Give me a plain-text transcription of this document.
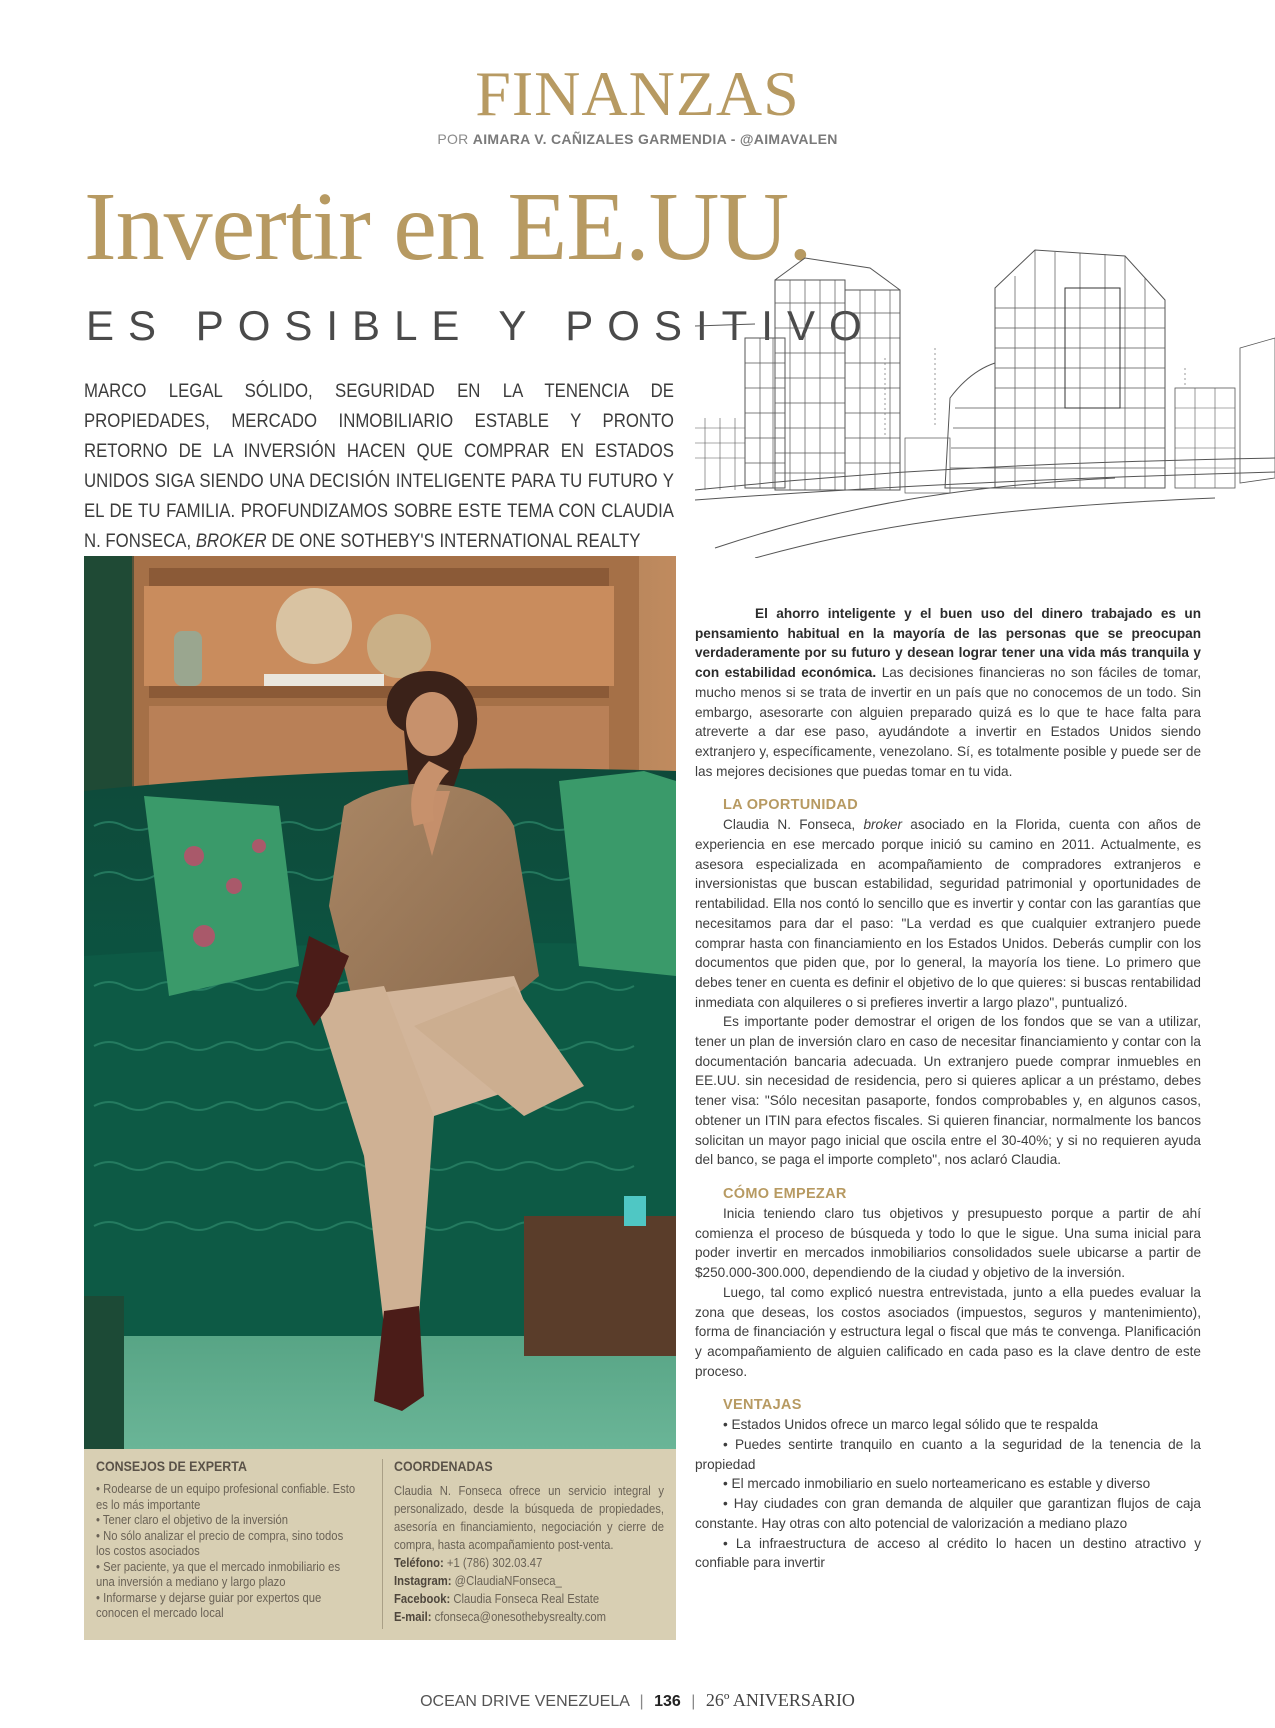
FINANZAS
POR AIMARA V. CAÑIZALES GARMENDIA - @AIMAVALEN
Invertir en EE.UU.
ES POSIBLE Y POSITIVO
MARCO LEGAL SÓLIDO, SEGURIDAD EN LA TENENCIA DE PROPIEDADES, MERCADO INMOBILIARIO ESTABLE Y PRONTO RETORNO DE LA INVERSIÓN HACEN QUE COMPRAR EN ESTADOS UNIDOS SIGA SIENDO UNA DECISIÓN INTELIGENTE PARA TU FUTURO Y EL DE TU FAMILIA. PROFUNDIZAMOS SOBRE ESTE TEMA CON CLAUDIA N. FONSECA, BROKER DE ONE SOTHEBY'S INTERNATIONAL REALTY
CONSEJOS DE EXPERTA
• Rodearse de un equipo profesional confiable. Esto es lo más importante
• Tener claro el objetivo de la inversión
• No sólo analizar el precio de compra, sino todos los costos asociados
• Ser paciente, ya que el mercado inmobiliario es una inversión a mediano y largo plazo
• Informarse y dejarse guiar por expertos que conocen el mercado local
COORDENADAS
Claudia N. Fonseca ofrece un servicio integral y personalizado, desde la búsqueda de propiedades, asesoría en financiamiento, negociación y cierre de compra, hasta acompañamiento post-venta.
Teléfono: +1 (786) 302.03.47
Instagram: @ClaudiaNFonseca_
Facebook: Claudia Fonseca Real Estate
E-mail: cfonseca@onesothebysrealty.com

El ahorro inteligente y el buen uso del dinero trabajado es un pensamiento habitual en la mayoría de las personas que se preocupan verdaderamente por su futuro y desean lograr tener una vida más tranquila y con estabilidad económica. Las decisiones financieras no son fáciles de tomar, mucho menos si se trata de invertir en un país que no conocemos de un todo. Sin embargo, asesorarte con alguien preparado quizá es lo que te hace falta para atreverte a dar ese paso, ayudándote a invertir en Estados Unidos siendo extranjero y, específicamente, venezolano. Sí, es totalmente posible y puede ser de las mejores decisiones que puedas tomar en tu vida.

LA OPORTUNIDAD

Claudia N. Fonseca, broker asociado en la Florida, cuenta con años de experiencia en ese mercado porque inició su camino en 2011. Actualmente, es asesora especializada en acompañamiento de compradores extranjeros e inversionistas que buscan estabilidad, seguridad patrimonial y oportunidades de rentabilidad. Ella nos contó lo sencillo que es invertir y contar con las garantías que necesitamos para dar el paso: "La verdad es que cualquier extranjero puede comprar hasta con financiamiento en los Estados Unidos. Deberás cumplir con los documentos que piden que, por lo general, la mayoría los tiene. Lo primero que debes tener en cuenta es definir el objetivo de lo que quieres: si buscas rentabilidad inmediata con alquileres o si prefieres invertir a largo plazo", puntualizó.

Es importante poder demostrar el origen de los fondos que se van a utilizar, tener un plan de inversión claro en caso de necesitar financiamiento y contar con la documentación bancaria adecuada. Un extranjero puede comprar inmuebles en EE.UU. sin necesidad de residencia, pero si quieres aplicar a un préstamo, debes tener visa: "Sólo necesitan pasaporte, fondos comprobables y, en algunos casos, obtener un ITIN para efectos fiscales. Si quieren financiar, normalmente los bancos solicitan un mayor pago inicial que oscila entre el 30-40%; y si no requieren ayuda del banco, se paga el importe completo", nos aclaró Claudia.

CÓMO EMPEZAR

Inicia teniendo claro tus objetivos y presupuesto porque a partir de ahí comienza el proceso de búsqueda y todo lo que le sigue. Una suma inicial para poder invertir en mercados inmobiliarios consolidados suele ubicarse a partir de $250.000-300.000, dependiendo de la ciudad y objetivo de la inversión.

Luego, tal como explicó nuestra entrevistada, junto a ella puedes evaluar la zona que deseas, los costos asociados (impuestos, seguros y mantenimiento), forma de financiación y estructura legal o fiscal que más te convenga. Planificación y acompañamiento de alguien calificado en cada paso es la clave dentro de este proceso.

VENTAJAS

• Estados Unidos ofrece un marco legal sólido que te respalda

• Puedes sentirte tranquilo en cuanto a la seguridad de la tenencia de la propiedad

• El mercado inmobiliario en suelo norteamericano es estable y diverso

• Hay ciudades con gran demanda de alquiler que garantizan flujos de caja constante. Hay otras con alto potencial de valorización a mediano plazo

• La infraestructura de acceso al crédito lo hacen un destino atractivo y confiable para invertir

OCEAN DRIVE VENEZUELA | 136 | 26º ANIVERSARIO
